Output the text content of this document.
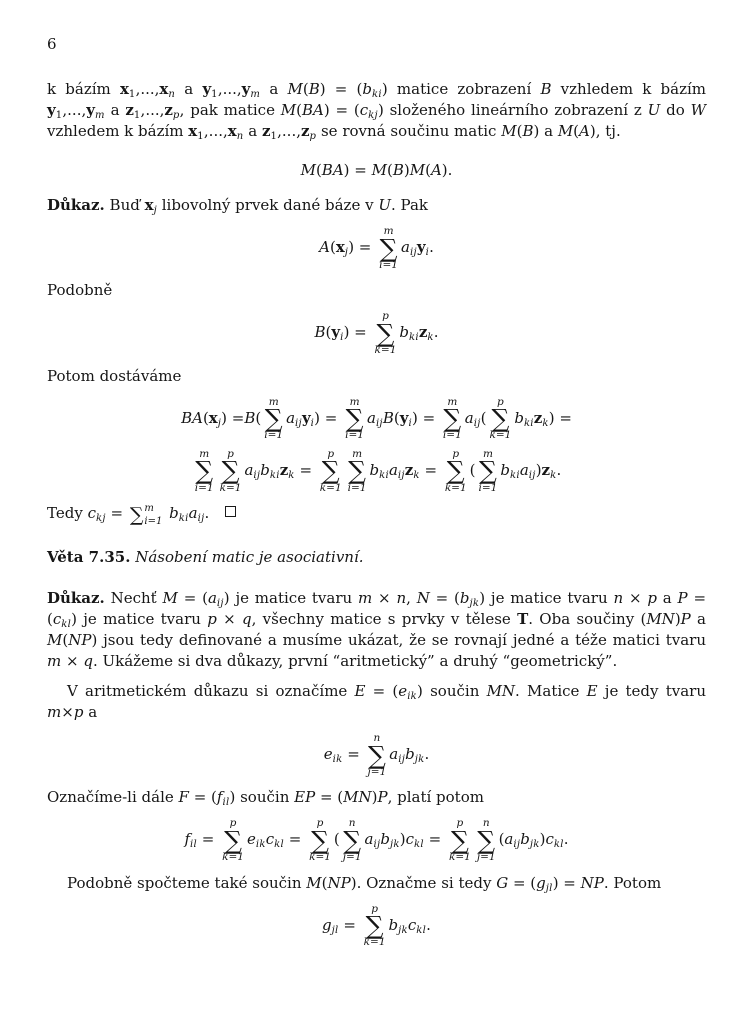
6
k bázím $x_1,...,x_n$ a $y_1,...,y_m$ a $M(B) = (b_{ki})$ matice zobrazení B vzhledem k bázím $y_1,...,y_m$ a $z_1,...,z_p$, pak matice $M(BA) = (c_{kj})$ složeného lineárního zobrazení z U do W vzhledem k bázím $x_1,...,x_n$ a $z_1,...,z_p$ se rovná součinu matic M(B) a M(A), tj.
M(BA) = M(B)M(A).
Důkaz. Buď $x_j$ libovolný prvek dané báze v U. Pak
$A(x_j)$ =
m
∑
i=1
$a_{ij}y_i$.
Podobně
$B(y_i)$ =
p
∑
k=1
$b_{ki}z_k$.
Potom dostáváme
$BA(x_j) =B$(
m
∑
i=1
$a_{ij}y_i$) =
m
∑
i=1
$a_{ij}B(y_i)$ =
m
∑
i=1
$a_{ij}$(
p
∑
k=1
$b_{ki}z_k$) =
m
∑
i=1
p
∑
k=1
$a_{ij}b_{ki}z_k$ =
p
∑
k=1
m
∑
i=1
$b_{ki}a_{ij}z_k$ =
p
∑
k=1
(
m
∑
i=1
$b_{ki}a_{ij})z_k$.
Tedy $c_{kj}$ = ∑ m
i=1 $b_{ki}a_{ij}$.
Věta 7.35. Násobení matic je asociativní.
Důkaz. Nechť $M = (a_{ij})$ je matice tvaru m × n, $N = (b_{jk})$ je matice tvaru n × p a $P = (c_{kl})$ je matice tvaru p × q, všechny matice s prvky v tělese T. Oba součiny (MN)P a M(NP) jsou tedy definované a musíme ukázat, že se rovnají jedné a téže matici tvaru m × q. Ukážeme si dva důkazy, první “aritmetický” a druhý “geometrický”.
V aritmetickém důkazu si označíme $E = (e_{ik})$ součin MN. Matice E je tedy tvaru m×p a
$e_{ik}$ =
n
∑
j=1
$a_{ij}b_{jk}$.
Označíme-li dále $F = (f_{il})$ součin EP = (MN)P, platí potom
$f_{il}$ =
p
∑
k=1
$e_{ik}c_{kl}$ =
p
∑
k=1
(
n
∑
j=1
$a_{ij}b_{jk})c_{kl}$ =
p
∑
k=1
n
∑
j=1
$(a_{ij}b_{jk})c_{kl}$.
Podobně spočteme také součin M(NP). Označme si tedy $G = (g_{jl})$ = NP. Potom
$g_{jl}$ =
p
∑
k=1
$b_{jk}c_{kl}$.
